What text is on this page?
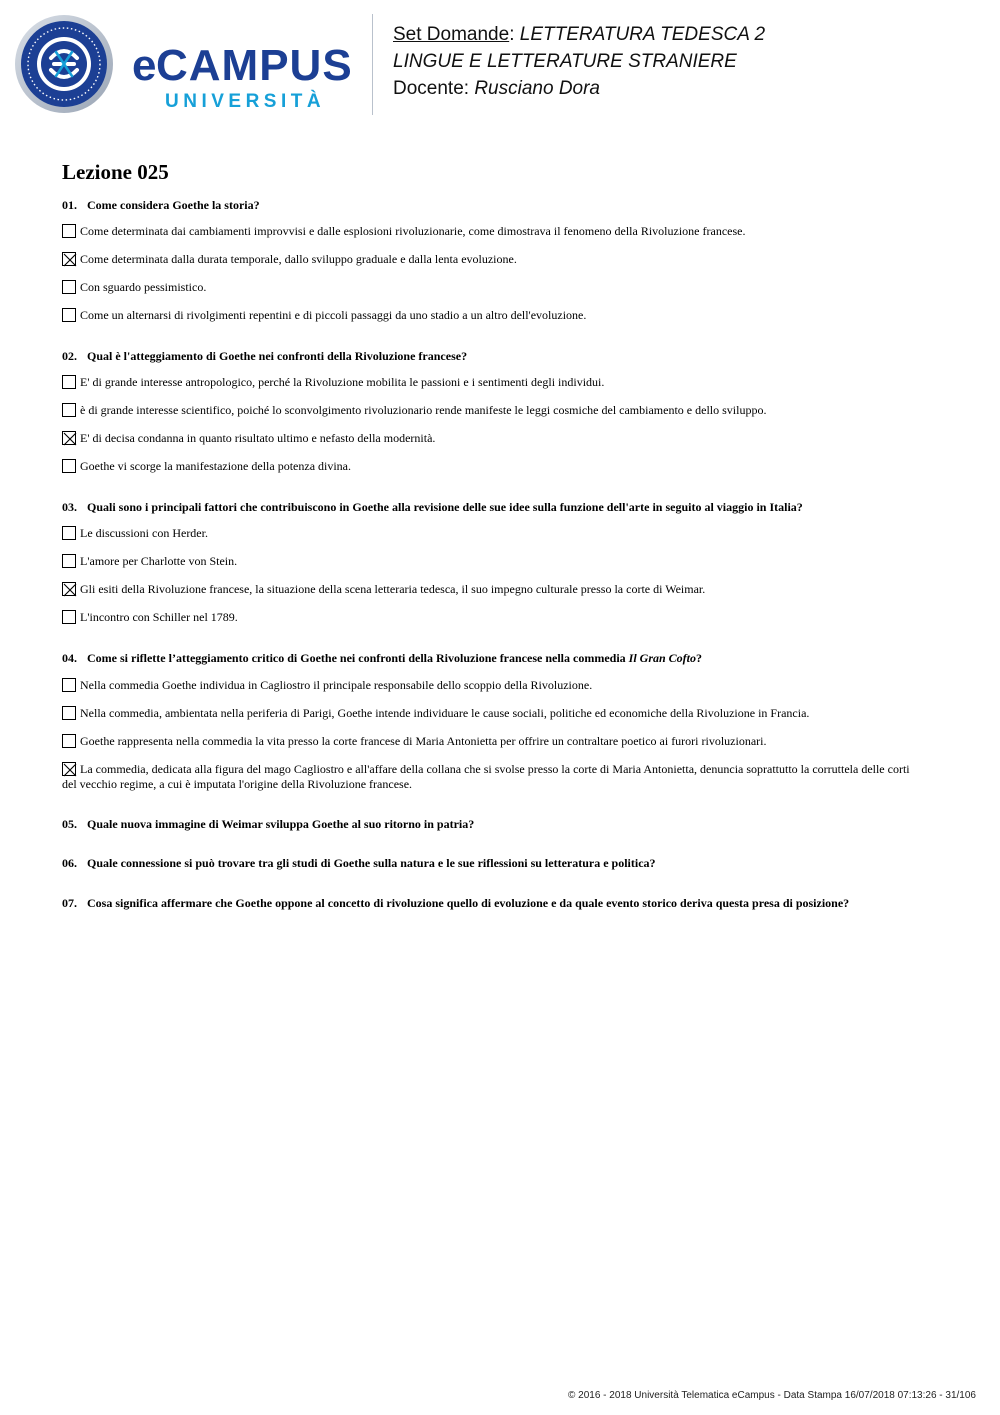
e CAMPUS
UNIVERSITÀ
Set Domande: LETTERATURA TEDESCA 2
LINGUE E LETTERATURE STRANIERE
Docente: Rusciano Dora
Lezione 025
01. Come considera Goethe la storia?
Come determinata dai cambiamenti improvvisi e dalle esplosioni rivoluzionarie, come dimostrava il fenomeno della Rivoluzione francese.
Come determinata dalla durata temporale, dallo sviluppo graduale e dalla lenta evoluzione.
Con sguardo pessimistico.
Come un alternarsi di rivolgimenti repentini e di piccoli passaggi da uno stadio a un altro dell'evoluzione.
02. Qual è l'atteggiamento di Goethe nei confronti della Rivoluzione francese?
E' di grande interesse antropologico, perché la Rivoluzione mobilita le passioni e i sentimenti degli individui.
è di grande interesse scientifico, poiché lo sconvolgimento rivoluzionario rende manifeste le leggi cosmiche del cambiamento e dello sviluppo.
E' di decisa condanna in quanto risultato ultimo e nefasto della modernità.
Goethe vi scorge la manifestazione della potenza divina.
03. Quali sono i principali fattori che contribuiscono in Goethe alla revisione delle sue idee sulla funzione dell'arte in seguito al viaggio in Italia?
Le discussioni con Herder.
L'amore per Charlotte von Stein.
Gli esiti della Rivoluzione francese, la situazione della scena letteraria tedesca, il suo impegno culturale presso la corte di Weimar.
L'incontro con Schiller nel 1789.
04. Come si riflette l’atteggiamento critico di Goethe nei confronti della Rivoluzione francese nella commedia Il Gran Cofto?
Nella commedia Goethe individua in Cagliostro il principale responsabile dello scoppio della Rivoluzione.
Nella commedia, ambientata nella periferia di Parigi, Goethe intende individuare le cause sociali, politiche ed economiche della Rivoluzione in Francia.
Goethe rappresenta nella commedia la vita presso la corte francese di Maria Antonietta per offrire un contraltare poetico ai furori rivoluzionari.
La commedia, dedicata alla figura del mago Cagliostro e all'affare della collana che si svolse presso la corte di Maria Antonietta, denuncia soprattutto la corruttela delle corti del vecchio regime, a cui è imputata l'origine della Rivoluzione francese.
05. Quale nuova immagine di Weimar sviluppa Goethe al suo ritorno in patria?
06. Quale connessione si può trovare tra gli studi di Goethe sulla natura e le sue riflessioni su letteratura e politica?
07. Cosa significa affermare che Goethe oppone al concetto di rivoluzione quello di evoluzione e da quale evento storico deriva questa presa di posizione?
© 2016 - 2018 Università Telematica eCampus - Data Stampa 16/07/2018 07:13:26 - 31/106
